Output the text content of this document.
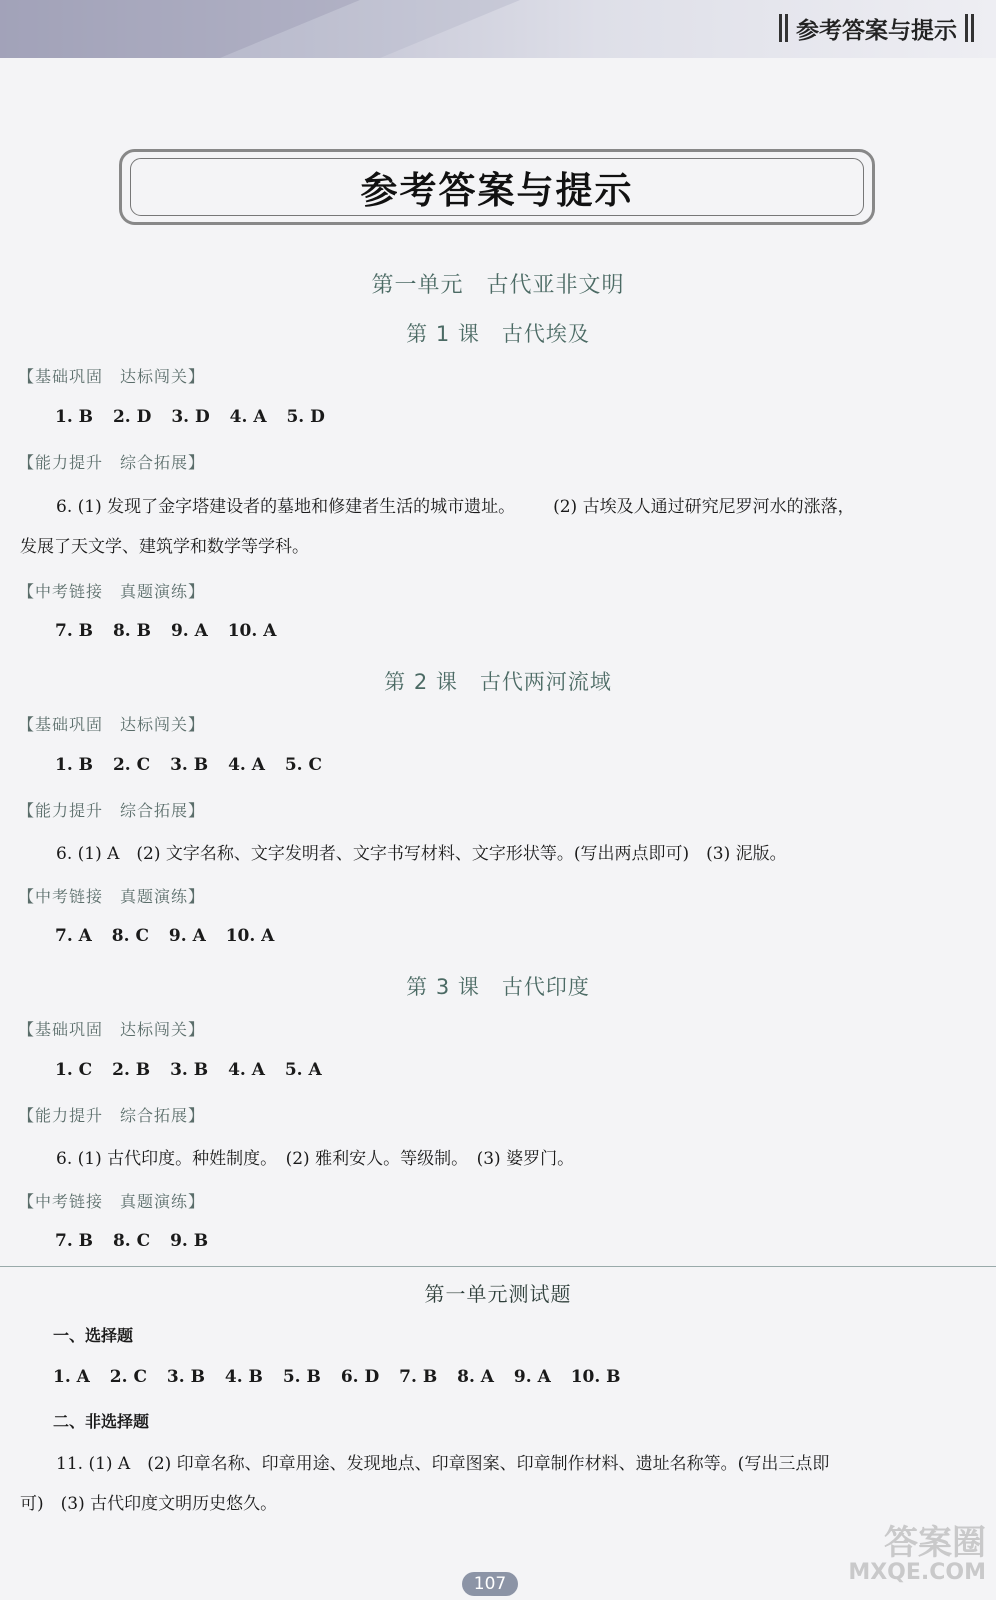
参考答案与提示
参考答案与提示
第一单元　古代亚非文明
第 1 课　古代埃及
【基础巩固　达标闯关】
1. B 2. D 3. D 4. A 5. D
【能力提升　综合拓展】
6. (1) 发现了金字塔建设者的墓地和修建者生活的城市遗址。 (2) 古埃及人通过研究尼罗河水的涨落，
发展了天文学、建筑学和数学等学科。
【中考链接　真题演练】
7. B 8. B 9. A 10. A
第 2 课　古代两河流域
【基础巩固　达标闯关】
1. B 2. C 3. B 4. A 5. C
【能力提升　综合拓展】
6. (1) A　(2) 文字名称、文字发明者、文字书写材料、文字形状等。(写出两点即可)　(3) 泥版。
【中考链接　真题演练】
7. A 8. C 9. A 10. A
第 3 课　古代印度
【基础巩固　达标闯关】
1. C 2. B 3. B 4. A 5. A
【能力提升　综合拓展】
6. (1) 古代印度。种姓制度。　(2) 雅利安人。等级制。　(3) 婆罗门。
【中考链接　真题演练】
7. B 8. C 9. B
第一单元测试题
一、选择题
1. A 2. C 3. B 4. B 5. B 6. D 7. B 8. A 9. A 10. B
二、非选择题
11. (1) A　(2) 印章名称、印章用途、发现地点、印章图案、印章制作材料、遗址名称等。(写出三点即
可)　(3) 古代印度文明历史悠久。
答案圈
MXQE.COM
107
